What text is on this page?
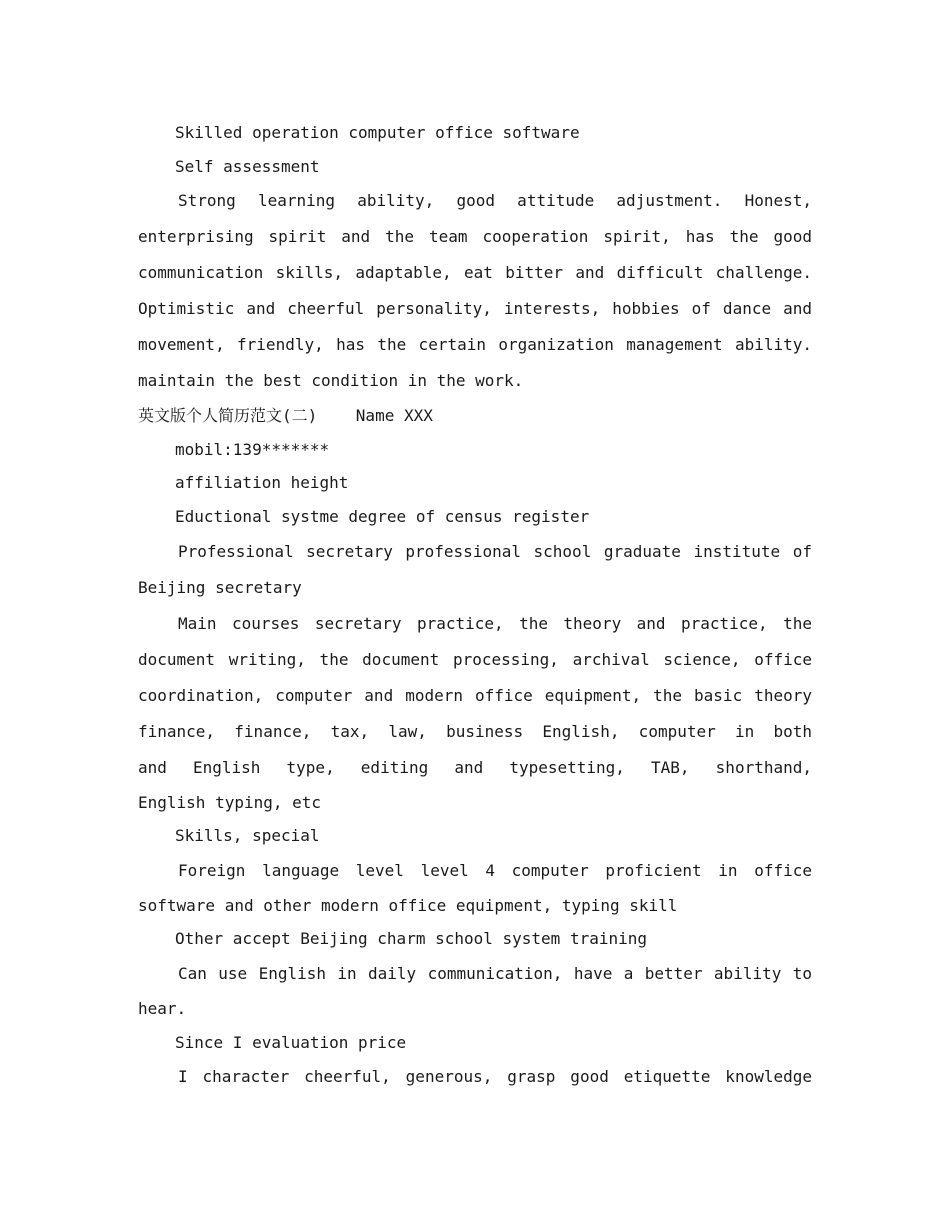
Skilled operation computer office software
Self assessment
Strong learning ability, good attitude adjustment. Honest,
enterprising spirit and the team cooperation spirit, has the good
communication skills, adaptable, eat bitter and difficult challenge.
Optimistic and cheerful personality, interests, hobbies of dance and
movement, friendly, has the certain organization management ability.
maintain the best condition in the work.
英文版个人简历范文(二)    Name XXX
mobil:139*******
affiliation height
Eductional systme degree of census register
Professional secretary professional school graduate institute of
Beijing secretary
Main courses secretary practice, the theory and practice, the
document writing, the document processing, archival science, office
coordination, computer and modern office equipment, the basic theory
finance, finance, tax, law, business English, computer in both
and English type, editing and typesetting, TAB, shorthand,
English typing, etc
Skills, special
Foreign language level level 4 computer proficient in office
software and other modern office equipment, typing skill
Other accept Beijing charm school system training
Can use English in daily communication, have a better ability to
hear.
Since I evaluation price
I character cheerful, generous, grasp good etiquette knowledge
